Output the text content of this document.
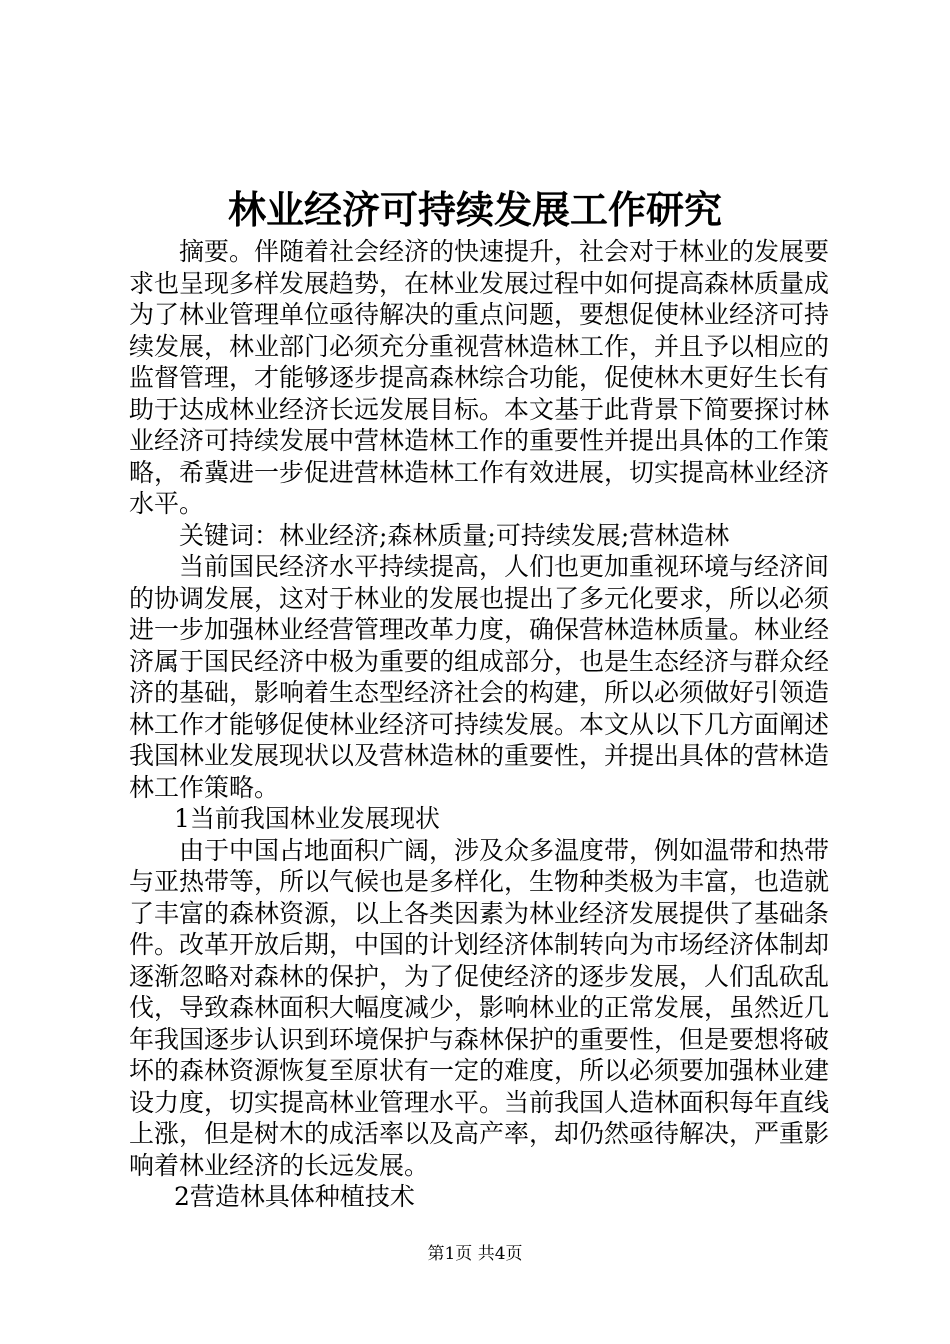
林业经济可持续发展工作研究

摘要。伴随着社会经济的快速提升，社会对于林业的发展要求也呈现多样发展趋势，在林业发展过程中如何提高森林质量成为了林业管理单位亟待解决的重点问题，要想促使林业经济可持续发展，林业部门必须充分重视营林造林工作，并且予以相应的监督管理，才能够逐步提高森林综合功能，促使林木更好生长有助于达成林业经济长远发展目标。本文基于此背景下简要探讨林业经济可持续发展中营林造林工作的重要性并提出具体的工作策略，希冀进一步促进营林造林工作有效进展，切实提高林业经济水平。

关键词：林业经济;森林质量;可持续发展;营林造林

当前国民经济水平持续提高，人们也更加重视环境与经济间的协调发展，这对于林业的发展也提出了多元化要求，所以必须进一步加强林业经营管理改革力度，确保营林造林质量。林业经济属于国民经济中极为重要的组成部分，也是生态经济与群众经济的基础，影响着生态型经济社会的构建，所以必须做好引领造林工作才能够促使林业经济可持续发展。本文从以下几方面阐述我国林业发展现状以及营林造林的重要性，并提出具体的营林造林工作策略。

1当前我国林业发展现状

由于中国占地面积广阔，涉及众多温度带，例如温带和热带与亚热带等，所以气候也是多样化，生物种类极为丰富，也造就了丰富的森林资源，以上各类因素为林业经济发展提供了基础条件。改革开放后期，中国的计划经济体制转向为市场经济体制却逐渐忽略对森林的保护，为了促使经济的逐步发展，人们乱砍乱伐，导致森林面积大幅度减少，影响林业的正常发展，虽然近几年我国逐步认识到环境保护与森林保护的重要性，但是要想将破坏的森林资源恢复至原状有一定的难度，所以必须要加强林业建设力度，切实提高林业管理水平。当前我国人造林面积每年直线上涨，但是树木的成活率以及高产率，却仍然亟待解决，严重影响着林业经济的长远发展。

2营造林具体种植技术

第1页 共4页
